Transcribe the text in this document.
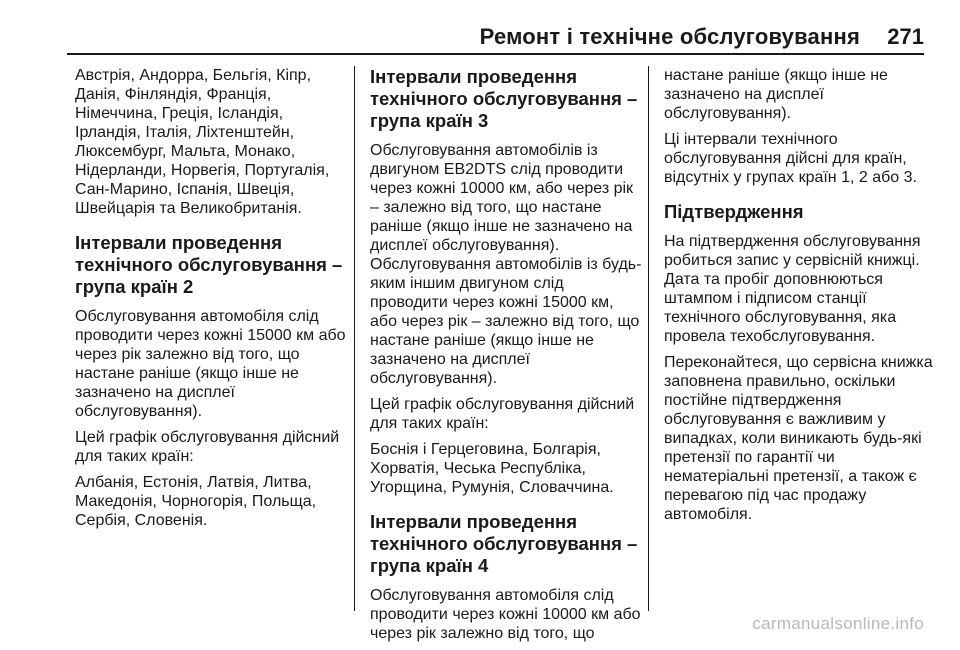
Ремонт і технічне обслуговування 271

Австрія, Андорра, Бельгія, Кіпр, Данія, Фінляндія, Франція, Німеччина, Греція, Ісландія, Ірландія, Італія, Ліхтенштейн, Люксембург, Мальта, Монако, Нідерланди, Норвегія, Португалія, Сан-Марино, Іспанія, Швеція, Швейцарія та Великобританія.

Інтервали проведення технічного обслуговування – група країн 2

Обслуговування автомобіля слід проводити через кожні 15000 км або через рік залежно від того, що настане раніше (якщо інше не зазначено на дисплеї обслуговування).

Цей графік обслуговування дійсний для таких країн:

Албанія, Естонія, Латвія, Литва, Македонія, Чорногорія, Польща, Сербія, Словенія.

Інтервали проведення технічного обслуговування – група країн 3

Обслуговування автомобілів із двигуном EB2DTS слід проводити через кожні 10000 км, або через рік – залежно від того, що настане раніше (якщо інше не зазначено на дисплеї обслуговування). Обслуговування автомобілів із будь-яким іншим двигуном слід проводити через кожні 15000 км, або через рік – залежно від того, що настане раніше (якщо інше не зазначено на дисплеї обслуговування).

Цей графік обслуговування дійсний для таких країн:

Боснія і Герцеговина, Болгарія, Хорватія, Чеська Республіка, Угорщина, Румунія, Словаччина.

Інтервали проведення технічного обслуговування – група країн 4

Обслуговування автомобіля слід проводити через кожні 10000 км або через рік залежно від того, що

настане раніше (якщо інше не зазначено на дисплеї обслуговування).

Ці інтервали технічного обслуговування дійсні для країн, відсутніх у групах країн 1, 2 або 3.

Підтвердження

На підтвердження обслуговування робиться запис у сервісній книжці. Дата та пробіг доповнюються штампом і підписом станції технічного обслуговування, яка провела техобслуговування.

Переконайтеся, що сервісна книжка заповнена правильно, оскільки постійне підтвердження обслуговування є важливим у випадках, коли виникають будь-які претензії по гарантії чи нематеріальні претензії, а також є перевагою під час продажу автомобіля.

carmanualsonline.info
